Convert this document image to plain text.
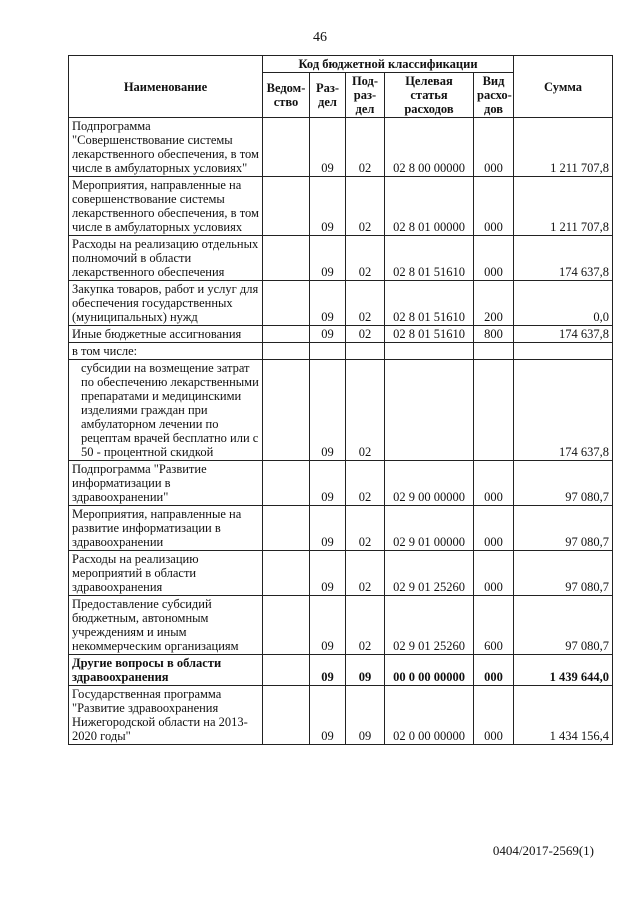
46
Наименование	Код бюджетной классификации					Сумма
	Ведом-ство	Раз-дел	Под-раз-дел	Целевая статья расходов	Вид расхо-дов	
Подпрограмма "Совершенствование системы лекарственного обеспечения, в том числе в амбулаторных условиях"		09	02	02 8 00 00000	000	1 211 707,8
Мероприятия, направленные на совершенствование системы лекарственного обеспечения, в том числе в амбулаторных условиях		09	02	02 8 01 00000	000	1 211 707,8
Расходы на реализацию отдельных полномочий в области лекарственного обеспечения		09	02	02 8 01 51610	000	174 637,8
Закупка товаров, работ и услуг для обеспечения государственных (муниципальных) нужд		09	02	02 8 01 51610	200	0,0
Иные бюджетные ассигнования		09	02	02 8 01 51610	800	174 637,8
в том числе:						
субсидии на возмещение затрат по обеспечению лекарственными препаратами и медицинскими изделиями граждан при амбулаторном лечении по рецептам врачей бесплатно или с 50 - процентной скидкой		09	02			174 637,8
Подпрограмма "Развитие информатизации в здравоохранении"		09	02	02 9 00 00000	000	97 080,7
Мероприятия, направленные на развитие информатизации в здравоохранении		09	02	02 9 01 00000	000	97 080,7
Расходы на реализацию мероприятий в области здравоохранения		09	02	02 9 01 25260	000	97 080,7
Предоставление субсидий бюджетным, автономным учреждениям и иным некоммерческим организациям		09	02	02 9 01 25260	600	97 080,7
Другие вопросы в области здравоохранения		09	09	00 0 00 00000	000	1 439 644,0
Государственная программа "Развитие здравоохранения Нижегородской области на 2013-2020 годы"		09	09	02 0 00 00000	000	1 434 156,4
0404/2017-2569(1)
